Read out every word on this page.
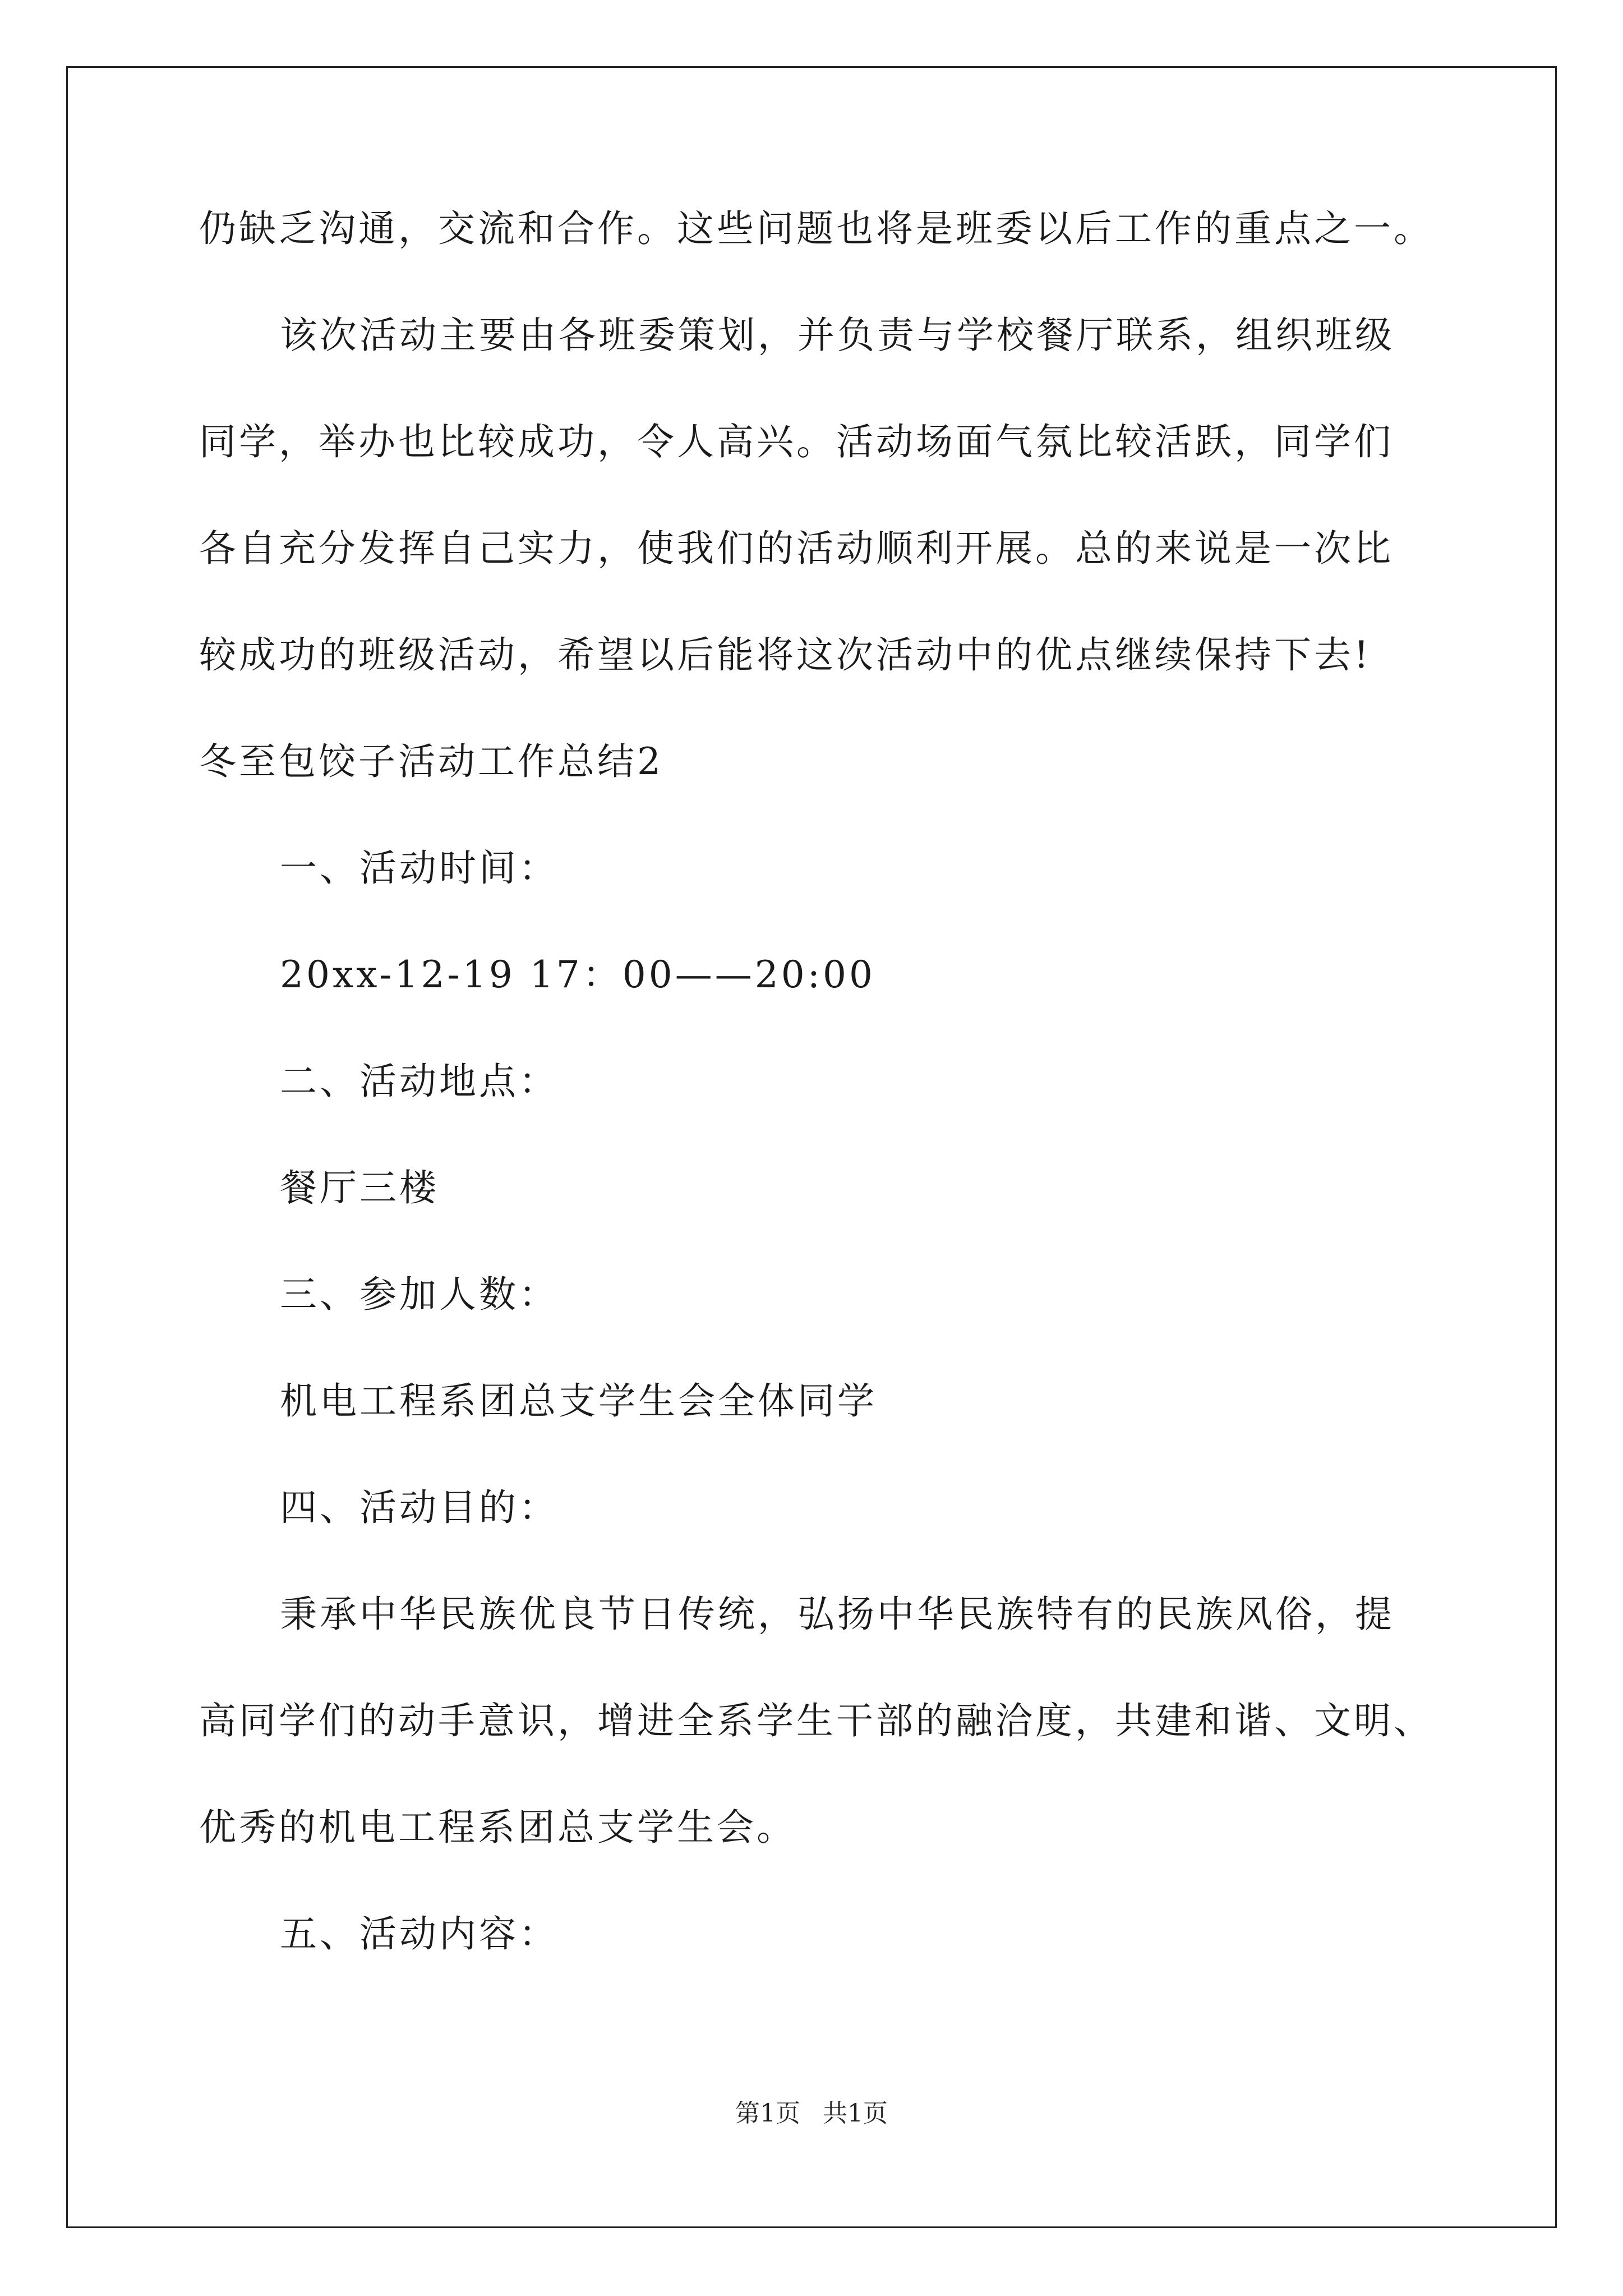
仍缺乏沟通，交流和合作。这些问题也将是班委以后工作的重点之一。
该次活动主要由各班委策划，并负责与学校餐厅联系，组织班级
同学，举办也比较成功，令人高兴。活动场面气氛比较活跃，同学们
各自充分发挥自己实力，使我们的活动顺利开展。总的来说是一次比
较成功的班级活动，希望以后能将这次活动中的优点继续保持下去!
冬至包饺子活动工作总结2
一、活动时间：
20xx-12-19 17：00——20:00
二、活动地点：
餐厅三楼
三、参加人数：
机电工程系团总支学生会全体同学
四、活动目的：
秉承中华民族优良节日传统，弘扬中华民族特有的民族风俗，提
高同学们的动手意识，增进全系学生干部的融洽度，共建和谐、文明、
优秀的机电工程系团总支学生会。
五、活动内容：
第1页 共1页
